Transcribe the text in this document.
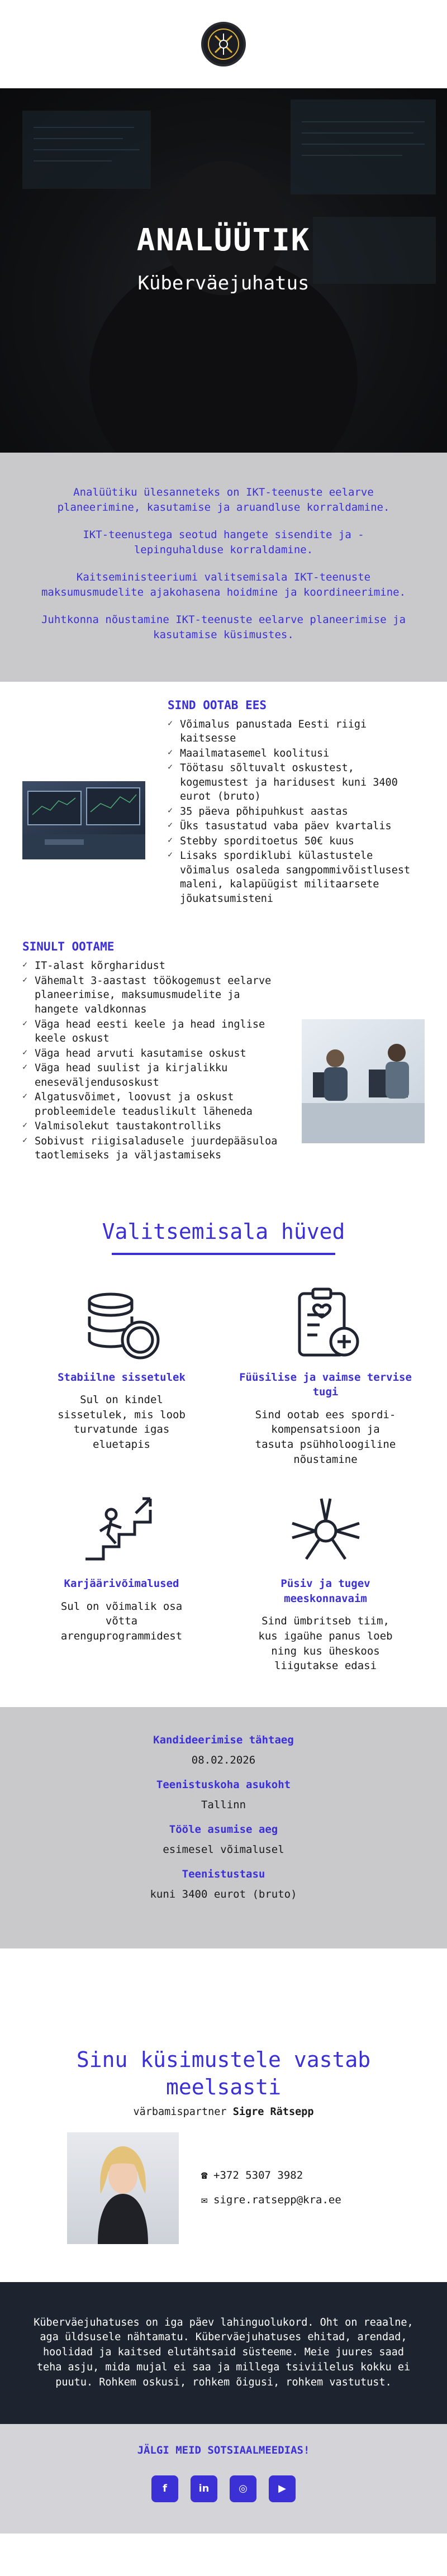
ANALÜÜTIK
Küberväejuhatus

Analüütiku ülesanneteks on IKT-teenuste eelarve planeerimine, kasutamise ja aruandluse korraldamine.

IKT-teenustega seotud hangete sisendite ja -lepinguhalduse korraldamine.

Kaitseministeeriumi valitsemisala IKT-teenuste maksumusmudelite ajakohasena hoidmine ja koordineerimine.

Juhtkonna nõustamine IKT-teenuste eelarve planeerimise ja kasutamise küsimustes.

SIND OOTAB EES
✓ Võimalus panustada Eesti riigi kaitsesse
✓ Maailmatasemel koolitusi
✓ Töötasu sõltuvalt oskustest, kogemustest ja haridusest kuni 3400 eurot (bruto)
✓ 35 päeva põhipuhkust aastas
✓ Üks tasustatud vaba päev kvartalis
✓ Stebby sporditoetus 50€ kuus
✓ Lisaks spordiklubi külastustele võimalus osaleda sangpommivõistlusest maleni, kalapüügist militaarsete jõukatsumisteni
SINULT OOTAME
✓ IT-alast kõrgharidust
✓ Vähemalt 3-aastast töökogemust eelarve planeerimise, maksumusmudelite ja hangete valdkonnas
✓ Väga head eesti keele ja head inglise keele oskust
✓ Väga head arvuti kasutamise oskust
✓ Väga head suulist ja kirjalikku eneseväljendusoskust
✓ Algatusvõimet, loovust ja oskust probleemidele teaduslikult läheneda
✓ Valmisolekut taustakontrolliks
✓ Sobivust riigisaladusele juurdepääsuloa taotlemiseks ja väljastamiseks
Valitsemisala hüved
Stabiilne sissetulek

Sul on kindel sissetulek, mis loob turvatunde igas eluetapis

Füüsilise ja vaimse tervise tugi

Sind ootab ees spordi-kompensatsioon ja tasuta psühholoogiline nõustamine

Karjäärivõimalused

Sul on võimalik osa võtta arenguprogrammidest

Püsiv ja tugev meeskonnavaim

Sind ümbritseb tiim, kus igaühe panus loeb ning kus üheskoos liigutakse edasi

Kandideerimise tähtaeg
08.02.2026
Teenistuskoha asukoht
Tallinn
Tööle asumise aeg
esimesel võimalusel
Teenistustasu
kuni 3400 eurot (bruto)
Sinu küsimustele vastab meelsasti
värbamispartner Sigre Rätsepp
☎ +372 5307 3982
✉ sigre.ratsepp@kra.ee

Küberväejuhatuses on iga päev lahinguolukord. Oht on reaalne, aga üldsusele nähtamatu. Küberväejuhatuses ehitad, arendad, hoolidad ja kaitsed elutähtsaid süsteeme. Meie juures saad teha asju, mida mujal ei saa ja millega tsiviilelus kokku ei puutu. Rohkem oskusi, rohkem õigusi, rohkem vastutust.

JÄLGI MEID SOTSIAALMEEDIAS!
f	in	◎	▶
